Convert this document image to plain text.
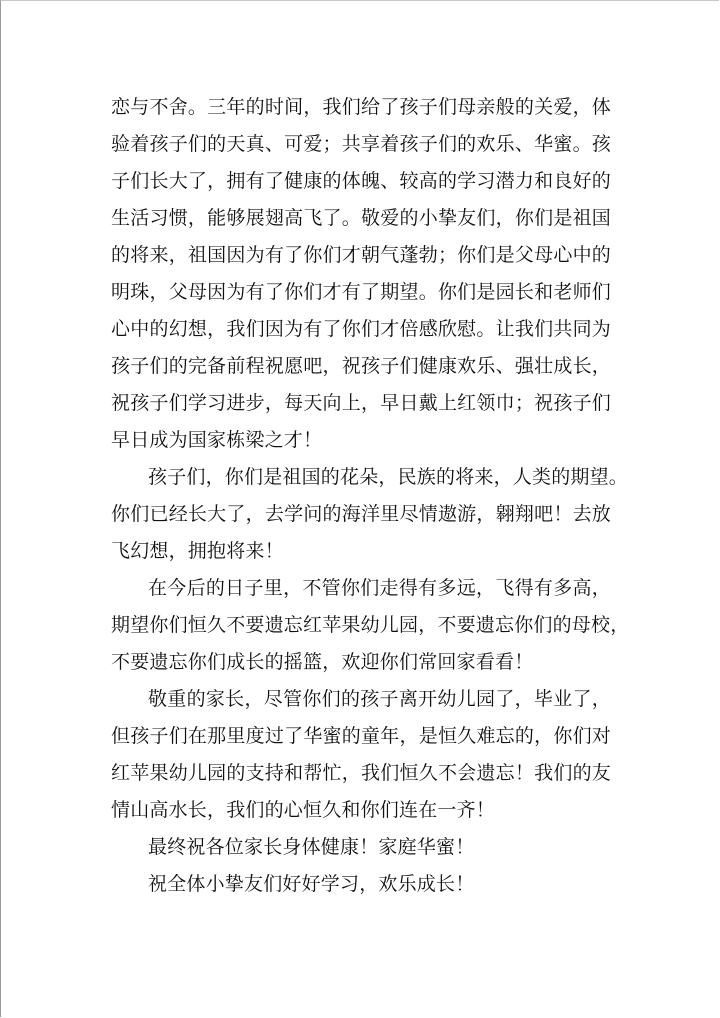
恋与不舍。三年的时间，我们给了孩子们母亲般的关爱，体
验着孩子们的天真、可爱；共享着孩子们的欢乐、华蜜。孩
子们长大了，拥有了健康的体魄、较高的学习潜力和良好的
生活习惯，能够展翅高飞了。敬爱的小挚友们，你们是祖国
的将来，祖国因为有了你们才朝气蓬勃；你们是父母心中的
明珠，父母因为有了你们才有了期望。你们是园长和老师们
心中的幻想，我们因为有了你们才倍感欣慰。让我们共同为
孩子们的完备前程祝愿吧，祝孩子们健康欢乐、强壮成长，
祝孩子们学习进步，每天向上，早日戴上红领巾；祝孩子们
早日成为国家栋梁之才！
孩子们，你们是祖国的花朵，民族的将来，人类的期望。
你们已经长大了，去学问的海洋里尽情遨游，翱翔吧！去放
飞幻想，拥抱将来！
在今后的日子里，不管你们走得有多远，飞得有多高，
期望你们恒久不要遗忘红苹果幼儿园，不要遗忘你们的母校，
不要遗忘你们成长的摇篮，欢迎你们常回家看看！
敬重的家长，尽管你们的孩子离开幼儿园了，毕业了，
但孩子们在那里度过了华蜜的童年，是恒久难忘的，你们对
红苹果幼儿园的支持和帮忙，我们恒久不会遗忘！我们的友
情山高水长，我们的心恒久和你们连在一齐！
最终祝各位家长身体健康！家庭华蜜！
祝全体小挚友们好好学习，欢乐成长！
